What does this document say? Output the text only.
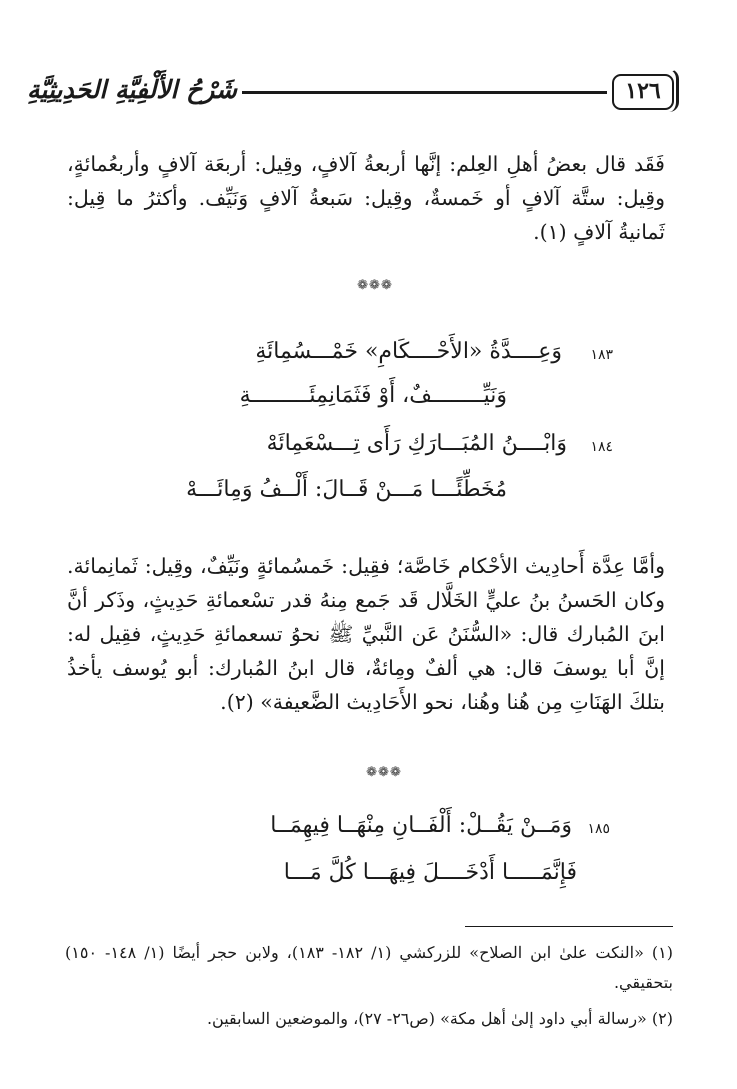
١٢٦
شَرْحُ الأَلْفِيَّةِ الحَدِيثِيَّةِ
فَقَد قال بعضُ أهلِ العِلم: إنَّها أربعةُ آلافٍ، وقِيل: أربعَة آلافٍ وأربعُمائةٍ، وقِيل: ستَّة آلافٍ أو خَمسةٌ، وقِيل: سَبعةُ آلافٍ وَنَيِّف. وأكثرُ ما قِيل: ثَمانيةُ آلافٍ (١).
❁❁❁
١٨٣
وَعِــــدَّةُ «الأَحْــــكَامِ» خَمْـــسُمِائَةِ
وَنَيِّــــــــفٌ، أَوْ فَثَمَانِمِئَـــــــــةِ
١٨٤
وَابْــــنُ المُبَـــارَكِ رَأَى تِـــسْعَمِائَهْ
مُخَطِّئًـــا مَـــنْ قَــالَ: أَلْــفُ وَمِائَـــهْ
وأمَّا عِدَّة أَحادِيث الأحْكام خَاصَّة؛ فقِيل: خَمسُمائةٍ ونَيِّفٌ، وقِيل: ثَمانِمائة. وكان الحَسنُ بنُ عليٍّ الخَلَّال قَد جَمع مِنهُ قدر تسْعمائةِ حَدِيثٍ، وذَكر أنَّ ابنَ المُبارك قال: «السُّنَنُ عَن النَّبيِّ ﷺ نحوُ تسعمائةِ حَدِيثٍ، فقِيل له: إنَّ أبا يوسفَ قال: هي ألفٌ ومِائةٌ، قال ابنُ المُبارك: أبو يُوسف يأخذُ بتلكَ الهَنَاتِ مِن هُنا وهُنا، نحو الأَحَادِيث الضَّعيفة» (٢).
❁❁❁
١٨٥
وَمَــنْ يَقُــلْ: أَلْفَــانِ مِنْهَــا فِيهِمَــا
فَإِنَّمَـــــا أَدْخَــــلَ فِيهَـــا كُلَّ مَـــا

(١) «النكت علىٰ ابن الصلاح» للزركشي (١/ ١٨٢- ١٨٣)، ولابن حجر أيضًا (١/ ١٤٨- ١٥٠) بتحقيقي.

(٢) «رسالة أبي داود إلىٰ أهل مكة» (ص٢٦- ٢٧)، والموضعين السابقين.
